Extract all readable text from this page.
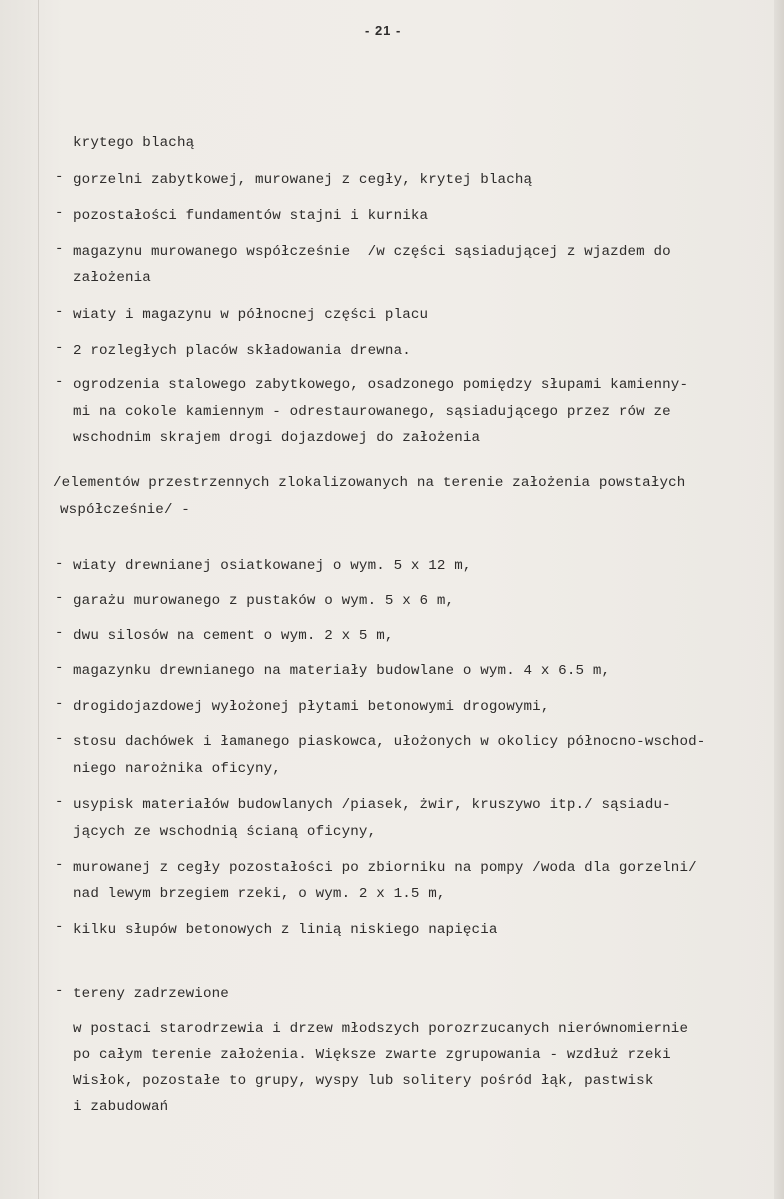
- 21 -
krytego blachą
- gorzelni zabytkowej, murowanej z cegły, krytej blachą
- pozostałości fundamentów stajni i kurnika
- magazynu murowanego współcześnie  /w części sąsiadującej z wjazdem do
założenia
- wiaty i magazynu w północnej części placu
- 2 rozległych placów składowania drewna.
- ogrodzenia stalowego zabytkowego, osadzonego pomiędzy słupami kamienny-
mi na cokole kamiennym - odrestaurowanego, sąsiadującego przez rów ze
wschodnim skrajem drogi dojazdowej do założenia
/elementów przestrzennych zlokalizowanych na terenie założenia powstałych
współcześnie/ -
- wiaty drewnianej osiatkowanej o wym. 5 x 12 m,
- garażu murowanego z pustaków o wym. 5 x 6 m,
- dwu silosów na cement o wym. 2 x 5 m,
- magazynku drewnianego na materiały budowlane o wym. 4 x 6.5 m,
- drogidojazdowej wyłożonej płytami betonowymi drogowymi,
- stosu dachówek i łamanego piaskowca, ułożonych w okolicy północno-wschod-
niego narożnika oficyny,
- usypisk materiałów budowlanych /piasek, żwir, kruszywo itp./ sąsiadu-
jących ze wschodnią ścianą oficyny,
- murowanej z cegły pozostałości po zbiorniku na pompy /woda dla gorzelni/
nad lewym brzegiem rzeki, o wym. 2 x 1.5 m,
- kilku słupów betonowych z linią niskiego napięcia
- tereny zadrzewione
w postaci starodrzewia i drzew młodszych porozrzucanych nierównomiernie
po całym terenie założenia. Większe zwarte zgrupowania - wzdłuż rzeki
Wisłok, pozostałe to grupy, wyspy lub solitery pośród łąk, pastwisk
i zabudowań
